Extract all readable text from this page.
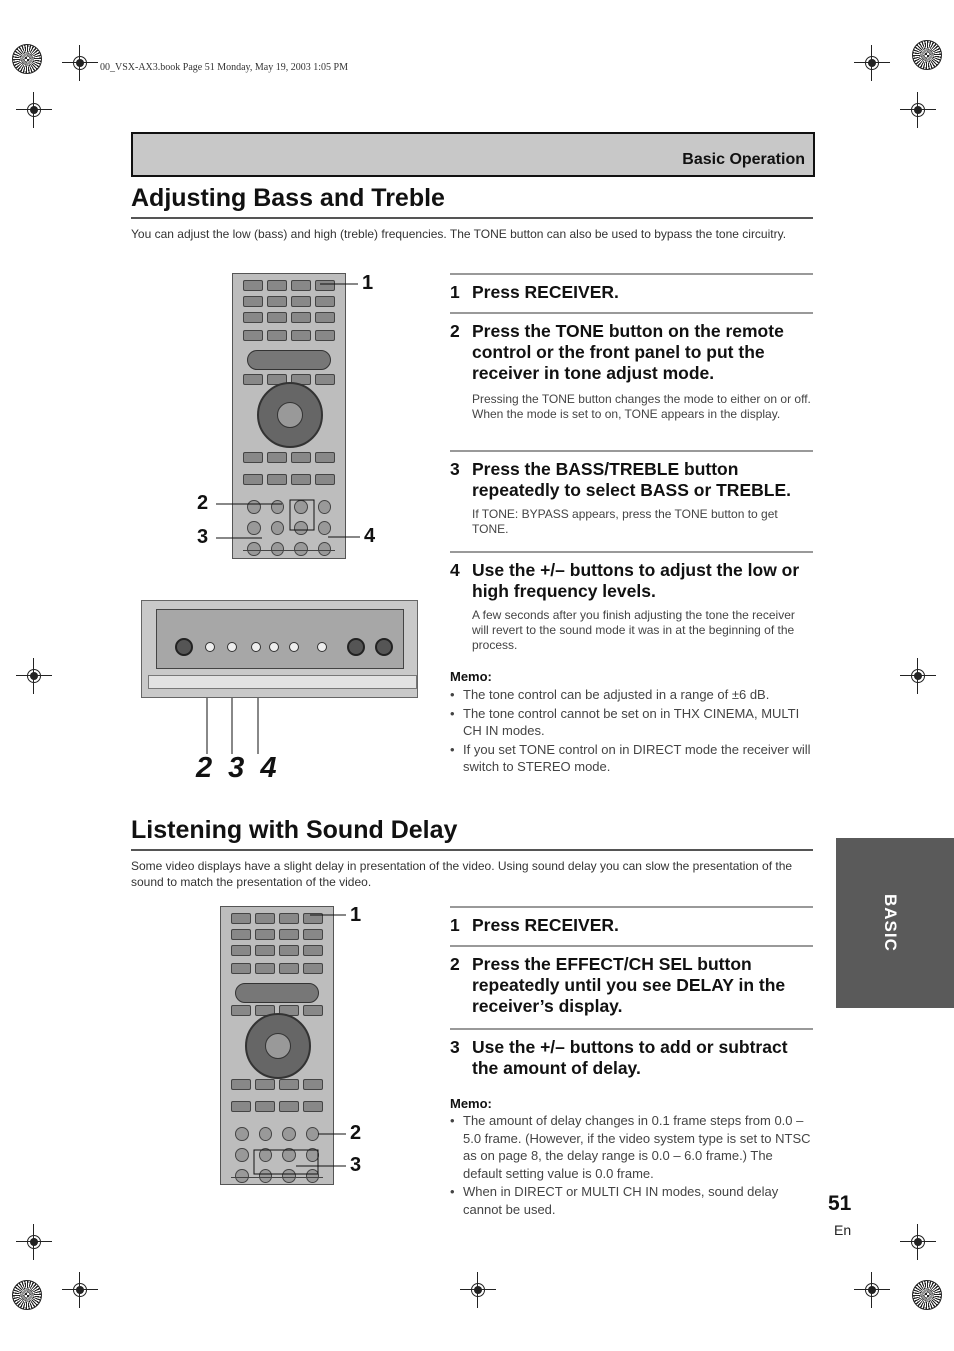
00_VSX-AX3.book Page 51 Monday, May 19, 2003 1:05 PM
Basic Operation
Adjusting Bass and Treble
You can adjust the low (bass) and high (treble) frequencies. The TONE button can also be used to bypass the tone circuitry.
1
2
3	4
2 3 4
1 Press RECEIVER.
2 Press the TONE button on the remote control or the front panel to put the receiver in tone adjust mode.
Pressing the TONE button changes the mode to either on or off. When the mode is set to on, TONE appears in the display.
3 Press the BASS/TREBLE button repeatedly to select BASS or TREBLE.
If TONE: BYPASS appears, press the TONE button to get TONE.
4 Use the +/– buttons to adjust the low or high frequency levels.
A few seconds after you finish adjusting the tone the receiver will revert to the sound mode it was in at the beginning of the process.
Memo:
• The tone control can be adjusted in a range of ±6 dB.
• The tone control cannot be set on in THX CINEMA, MULTI CH IN modes.
• If you set TONE control on in DIRECT mode the receiver will switch to STEREO mode.
Listening with Sound Delay
Some video displays have a slight delay in presentation of the video. Using sound delay you can slow the presentation of the sound to match the presentation of the video.
1
2
3
1 Press RECEIVER.
2 Press the EFFECT/CH SEL button repeatedly until you see DELAY in the receiver’s display.
3 Use the +/– buttons to add or subtract the amount of delay.
Memo:
• The amount of delay changes in 0.1 frame steps from 0.0 – 5.0 frame. (However, if the video system type is set to NTSC as on page 8, the delay range is 0.0 – 6.0 frame.) The default setting value is 0.0 frame.
• When in DIRECT or MULTI CH IN modes, sound delay cannot be used.
BASIC
51
En
